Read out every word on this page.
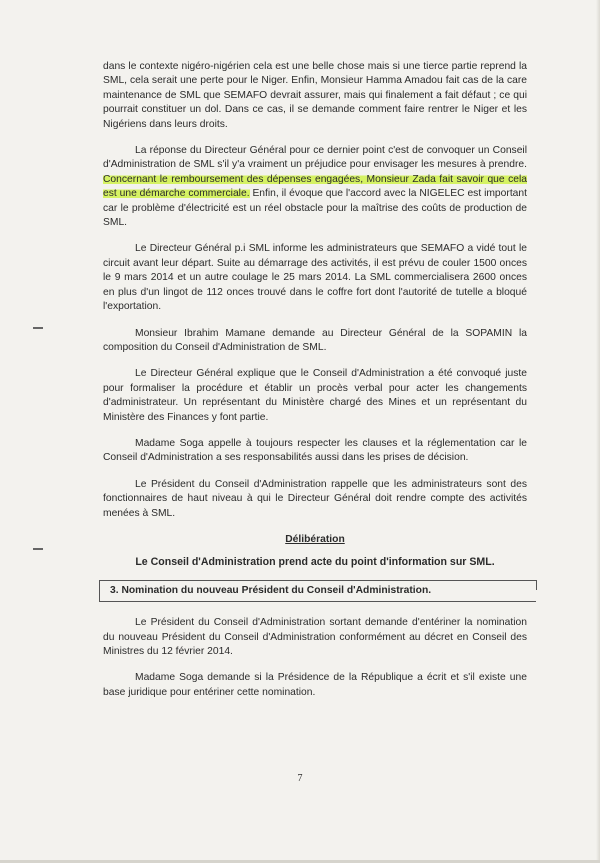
dans le contexte nigéro-nigérien cela est une belle chose mais si une tierce partie reprend la SML, cela serait une perte pour le Niger. Enfin, Monsieur Hamma Amadou fait cas de la care maintenance de SML que SEMAFO devrait assurer, mais qui finalement a fait défaut ; ce qui pourrait constituer un dol. Dans ce cas, il se demande comment faire rentrer le Niger et les Nigériens dans leurs droits.

La réponse du Directeur Général pour ce dernier point c'est de convoquer un Conseil d'Administration de SML s'il y'a vraiment un préjudice pour envisager les mesures à prendre. Concernant le remboursement des dépenses engagées, Monsieur Zada fait savoir que cela est une démarche commerciale. Enfin, il évoque que l'accord avec la NIGELEC est important car le problème d'électricité est un réel obstacle pour la maîtrise des coûts de production de SML.

Le Directeur Général p.i SML informe les administrateurs que SEMAFO a vidé tout le circuit avant leur départ. Suite au démarrage des activités, il est prévu de couler 1500 onces le 9 mars 2014 et un autre coulage le 25 mars 2014. La SML commercialisera 2600 onces en plus d'un lingot de 112 onces trouvé dans le coffre fort dont l'autorité de tutelle a bloqué l'exportation.

Monsieur Ibrahim Mamane demande au Directeur Général de la SOPAMIN la composition du Conseil d'Administration de SML.

Le Directeur Général explique que le Conseil d'Administration a été convoqué juste pour formaliser la procédure et établir un procès verbal pour acter les changements d'administrateur. Un représentant du Ministère chargé des Mines et un représentant du Ministère des Finances y font partie.

Madame Soga appelle à toujours respecter les clauses et la réglementation car le Conseil d'Administration a ses responsabilités aussi dans les prises de décision.

Le Président du Conseil d'Administration rappelle que les administrateurs sont des fonctionnaires de haut niveau à qui le Directeur Général doit rendre compte des activités menées à SML.

Délibération
Le Conseil d'Administration prend acte du point d'information sur SML.
3. Nomination du nouveau Président du Conseil d'Administration.

Le Président du Conseil d'Administration sortant demande d'entériner la nomination du nouveau Président du Conseil d'Administration conformément au décret en Conseil des Ministres du 12 février 2014.

Madame Soga demande si la Présidence de la République a écrit et s'il existe une base juridique pour entériner cette nomination.

7
